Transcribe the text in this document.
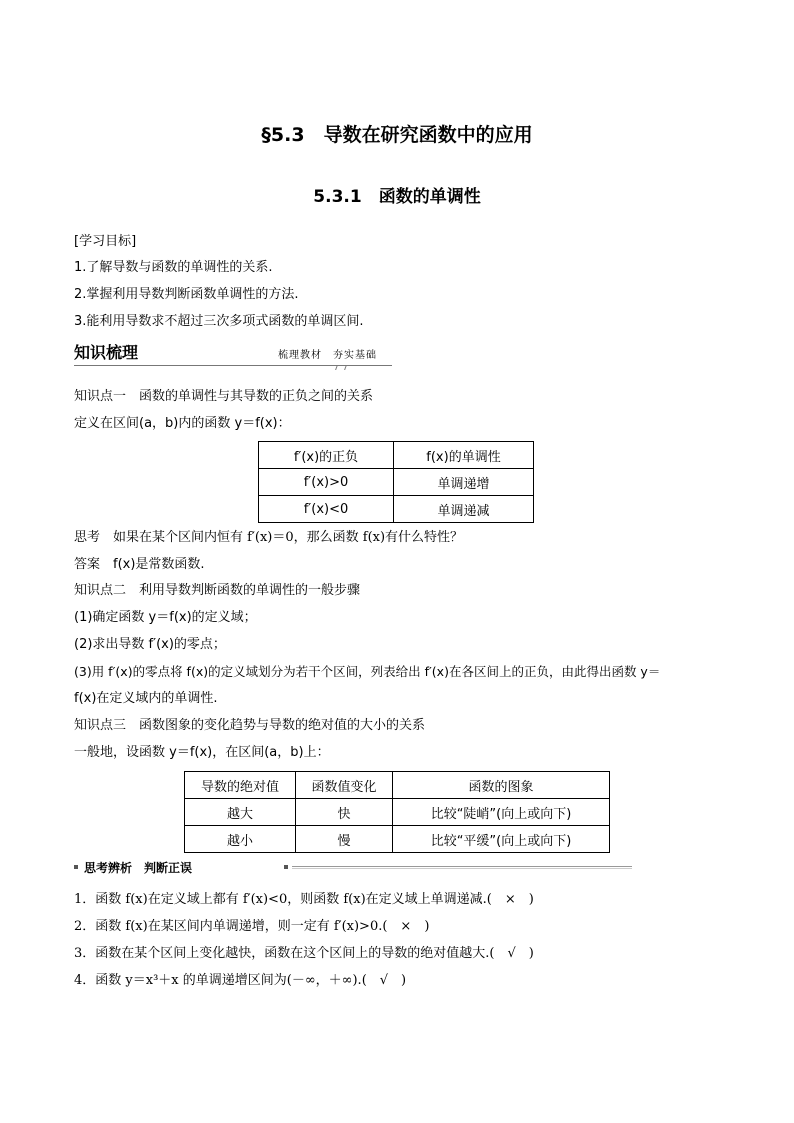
§5.3　导数在研究函数中的应用
5.3.1　函数的单调性
[学习目标]
1.了解导数与函数的单调性的关系.
2.掌握利用导数判断函数单调性的方法.
3.能利用导数求不超过三次多项式函数的单调区间.
知识梳理	梳理教材　夯实基础
知识点一　函数的单调性与其导数的正负之间的关系
定义在区间(a，b)内的函数 y＝f(x)：
f′(x)的正负	f(x)的单调性
f′(x)>0	单调递增
f′(x)<0	单调递减
思考　如果在某个区间内恒有 f′(x)＝0，那么函数 f(x)有什么特性？
答案　f(x)是常数函数.
知识点二　利用导数判断函数的单调性的一般步骤
(1)确定函数 y＝f(x)的定义域；
(2)求出导数 f′(x)的零点；
(3)用 f′(x)的零点将 f(x)的定义域划分为若干个区间，列表给出 f′(x)在各区间上的正负，由此得出函数 y＝
f(x)在定义域内的单调性.
知识点三　函数图象的变化趋势与导数的绝对值的大小的关系
一般地，设函数 y＝f(x)，在区间(a，b)上：
导数的绝对值	函数值变化	函数的图象
越大	快	比较“陡峭”(向上或向下)
越小	慢	比较“平缓”(向上或向下)
思考辨析　判断正误
1．函数 f(x)在定义域上都有 f′(x)<0，则函数 f(x)在定义域上单调递减.(　×　)
2．函数 f(x)在某区间内单调递增，则一定有 f′(x)>0.(　×　)
3．函数在某个区间上变化越快，函数在这个区间上的导数的绝对值越大.(　√　)
4．函数 y＝x³＋x 的单调递增区间为(－∞，＋∞).(　√　)
